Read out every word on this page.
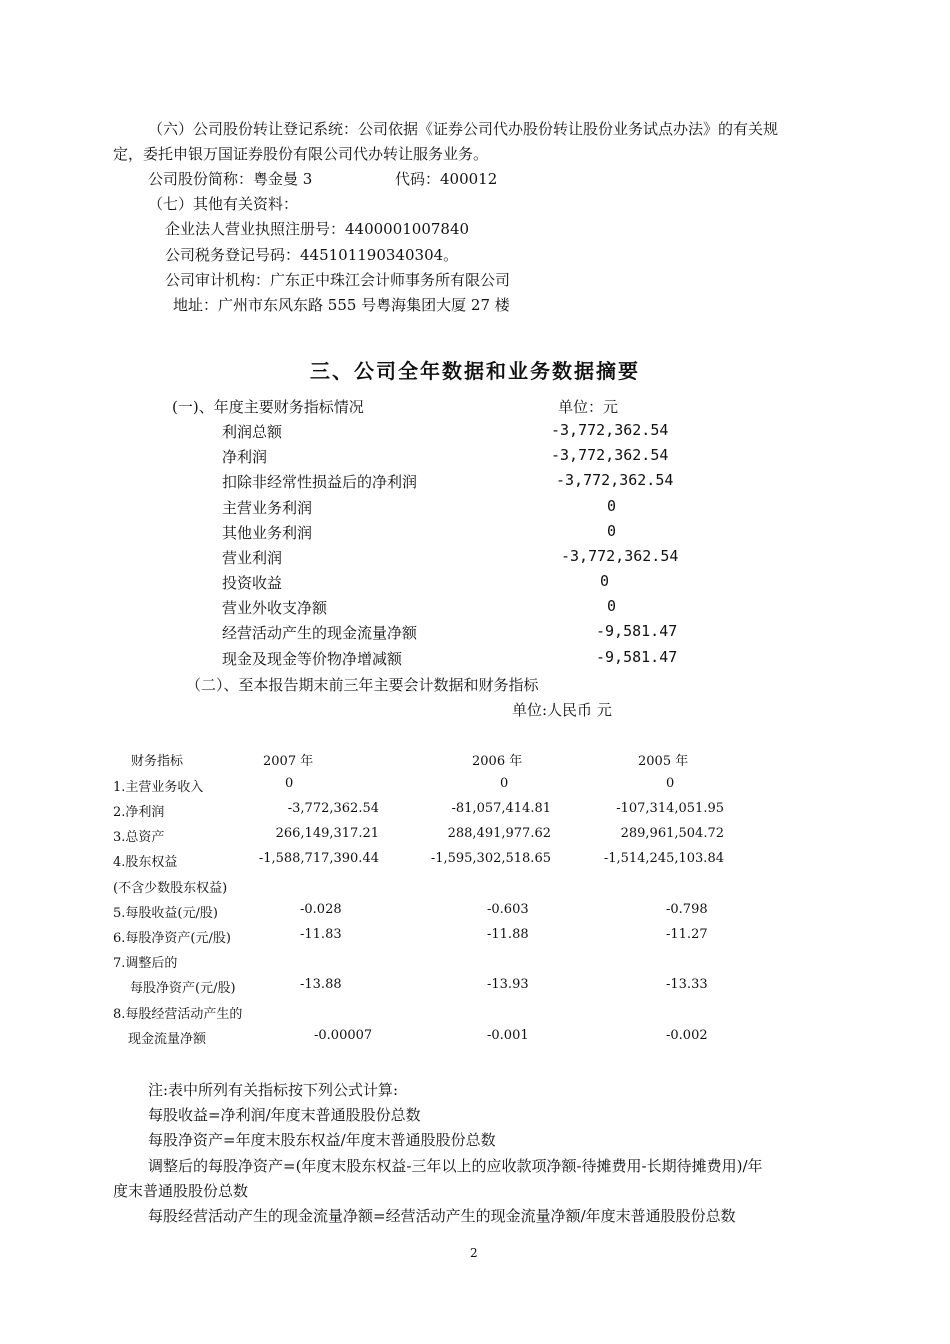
（六）公司股份转让登记系统：公司依据《证券公司代办股份转让股份业务试点办法》的有关规
定，委托申银万国证券股份有限公司代办转让服务业务。
公司股份简称：粤金曼 3	代码：400012
（七）其他有关资料：
企业法人营业执照注册号：4400001007840
公司税务登记号码：445101190340304。
公司审计机构：广东正中珠江会计师事务所有限公司
地址：广州市东风东路 555 号粤海集团大厦 27 楼
三、公司全年数据和业务数据摘要
(一)、年度主要财务指标情况	单位：元
利润总额	-3,772,362.54
净利润	-3,772,362.54
扣除非经常性损益后的净利润	-3,772,362.54
主营业务利润	0
其他业务利润	0
营业利润	-3,772,362.54
投资收益	0
营业外收支净额	0
经营活动产生的现金流量净额	-9,581.47
现金及现金等价物净增减额	-9,581.47
（二）、至本报告期末前三年主要会计数据和财务指标
单位:人民币 元
财务指标	2007 年	2006 年	2005 年
1.主营业务收入	0	0	0
2.净利润	-3,772,362.54	-81,057,414.81	-107,314,051.95
3.总资产	266,149,317.21	288,491,977.62	289,961,504.72
4.股东权益	-1,588,717,390.44	-1,595,302,518.65	-1,514,245,103.84
(不含少数股东权益)
5.每股收益(元/股)	-0.028	-0.603	-0.798
6.每股净资产(元/股)	-11.83	-11.88	-11.27
7.调整后的
每股净资产(元/股)	-13.88	-13.93	-13.33
8.每股经营活动产生的
现金流量净额	-0.00007	-0.001	-0.002
注:表中所列有关指标按下列公式计算:
每股收益=净利润/年度末普通股股份总数
每股净资产=年度末股东权益/年度末普通股股份总数
调整后的每股净资产=(年度末股东权益-三年以上的应收款项净额-待摊费用-长期待摊费用)/年
度末普通股股份总数
每股经营活动产生的现金流量净额=经营活动产生的现金流量净额/年度末普通股股份总数
2
